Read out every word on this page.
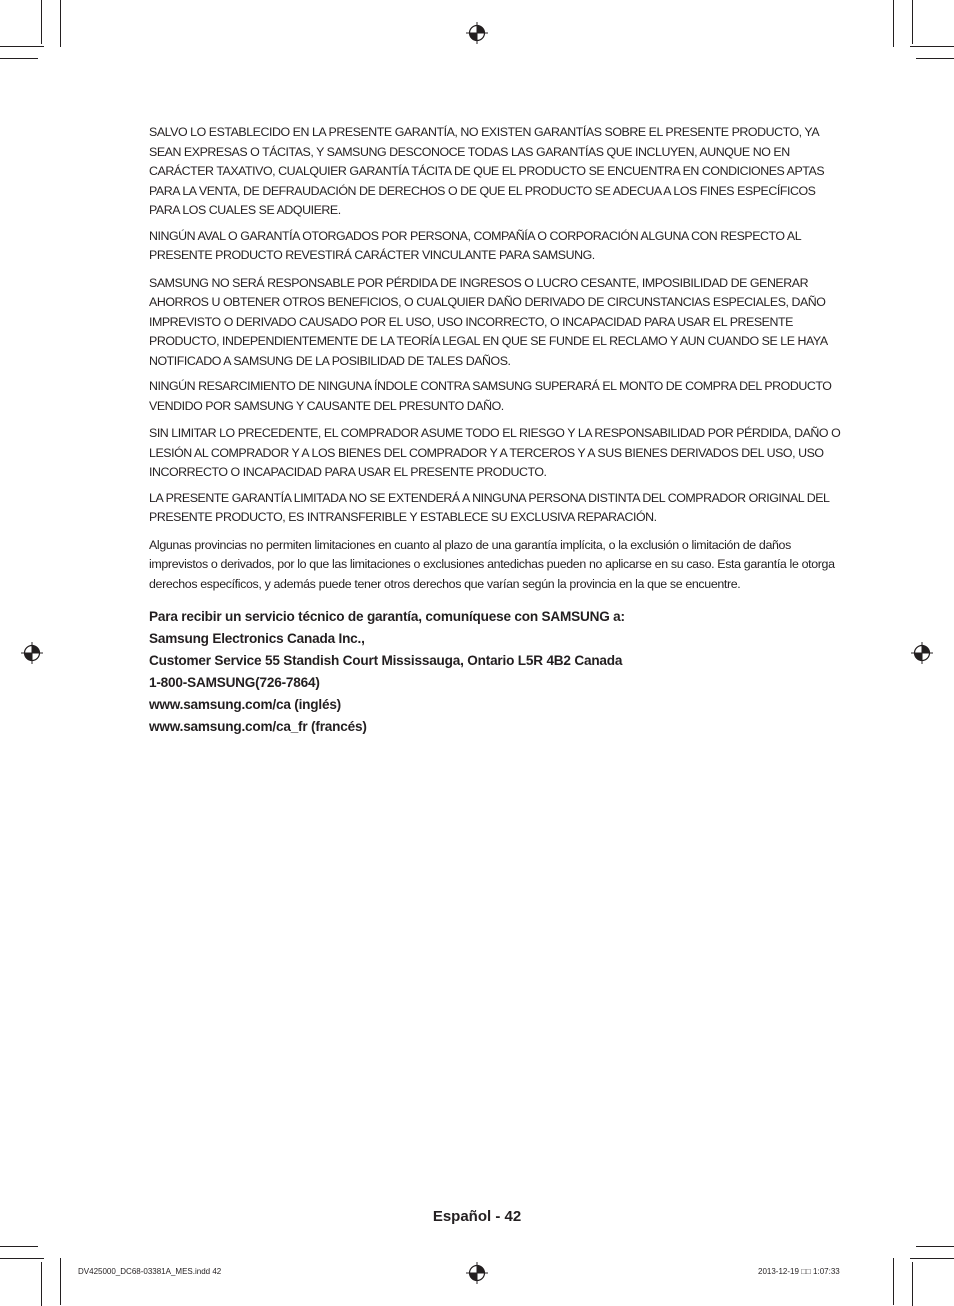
SALVO LO ESTABLECIDO EN LA PRESENTE GARANTÍA, NO EXISTEN GARANTÍAS SOBRE EL PRESENTE PRODUCTO, YA SEAN EXPRESAS O TÁCITAS, Y SAMSUNG DESCONOCE TODAS LAS GARANTÍAS QUE INCLUYEN, AUNQUE NO EN CARÁCTER TAXATIVO, CUALQUIER GARANTÍA TÁCITA DE QUE EL PRODUCTO SE ENCUENTRA EN CONDICIONES APTAS PARA LA VENTA, DE DEFRAUDACIÓN DE DERECHOS O DE QUE EL PRODUCTO SE ADECUA A LOS FINES ESPECÍFICOS PARA LOS CUALES SE ADQUIERE.

NINGÚN AVAL O GARANTÍA OTORGADOS POR PERSONA, COMPAÑÍA O CORPORACIÓN ALGUNA CON RESPECTO AL PRESENTE PRODUCTO REVESTIRÁ CARÁCTER VINCULANTE PARA SAMSUNG.

SAMSUNG NO SERÁ RESPONSABLE POR PÉRDIDA DE INGRESOS O LUCRO CESANTE, IMPOSIBILIDAD DE GENERAR AHORROS U OBTENER OTROS BENEFICIOS, O CUALQUIER DAÑO DERIVADO DE CIRCUNSTANCIAS ESPECIALES, DAÑO IMPREVISTO O DERIVADO CAUSADO POR EL USO, USO INCORRECTO, O INCAPACIDAD PARA USAR EL PRESENTE PRODUCTO, INDEPENDIENTEMENTE DE LA TEORÍA LEGAL EN QUE SE FUNDE EL RECLAMO Y AUN CUANDO SE LE HAYA NOTIFICADO A SAMSUNG DE LA POSIBILIDAD DE TALES DAÑOS.

NINGÚN RESARCIMIENTO DE NINGUNA ÍNDOLE CONTRA SAMSUNG SUPERARÁ EL MONTO DE COMPRA DEL PRODUCTO VENDIDO POR SAMSUNG Y CAUSANTE DEL PRESUNTO DAÑO.

SIN LIMITAR LO PRECEDENTE, EL COMPRADOR ASUME TODO EL RIESGO Y LA RESPONSABILIDAD POR PÉRDIDA, DAÑO O LESIÓN AL COMPRADOR Y A LOS BIENES DEL COMPRADOR Y A TERCEROS Y A SUS BIENES DERIVADOS DEL USO, USO INCORRECTO O INCAPACIDAD PARA USAR EL PRESENTE PRODUCTO.

LA PRESENTE GARANTÍA LIMITADA NO SE EXTENDERÁ A NINGUNA PERSONA DISTINTA DEL COMPRADOR ORIGINAL DEL PRESENTE PRODUCTO, ES INTRANSFERIBLE Y ESTABLECE SU EXCLUSIVA REPARACIÓN.

Algunas provincias no permiten limitaciones en cuanto al plazo de una garantía implícita, o la exclusión o limitación de daños imprevistos o derivados, por lo que las limitaciones o exclusiones antedichas pueden no aplicarse en su caso. Esta garantía le otorga derechos específicos, y además puede tener otros derechos que varían según la provincia en la que se encuentre.

Para recibir un servicio técnico de garantía, comuníquese con SAMSUNG a:
Samsung Electronics Canada Inc.,
Customer Service 55 Standish Court Mississauga, Ontario L5R 4B2 Canada
1-800-SAMSUNG(726-7864)
www.samsung.com/ca (inglés)
www.samsung.com/ca_fr (francés)
Español - 42
DV425000_DC68-03381A_MES.indd 42	2013-12-19 □□ 1:07:33
